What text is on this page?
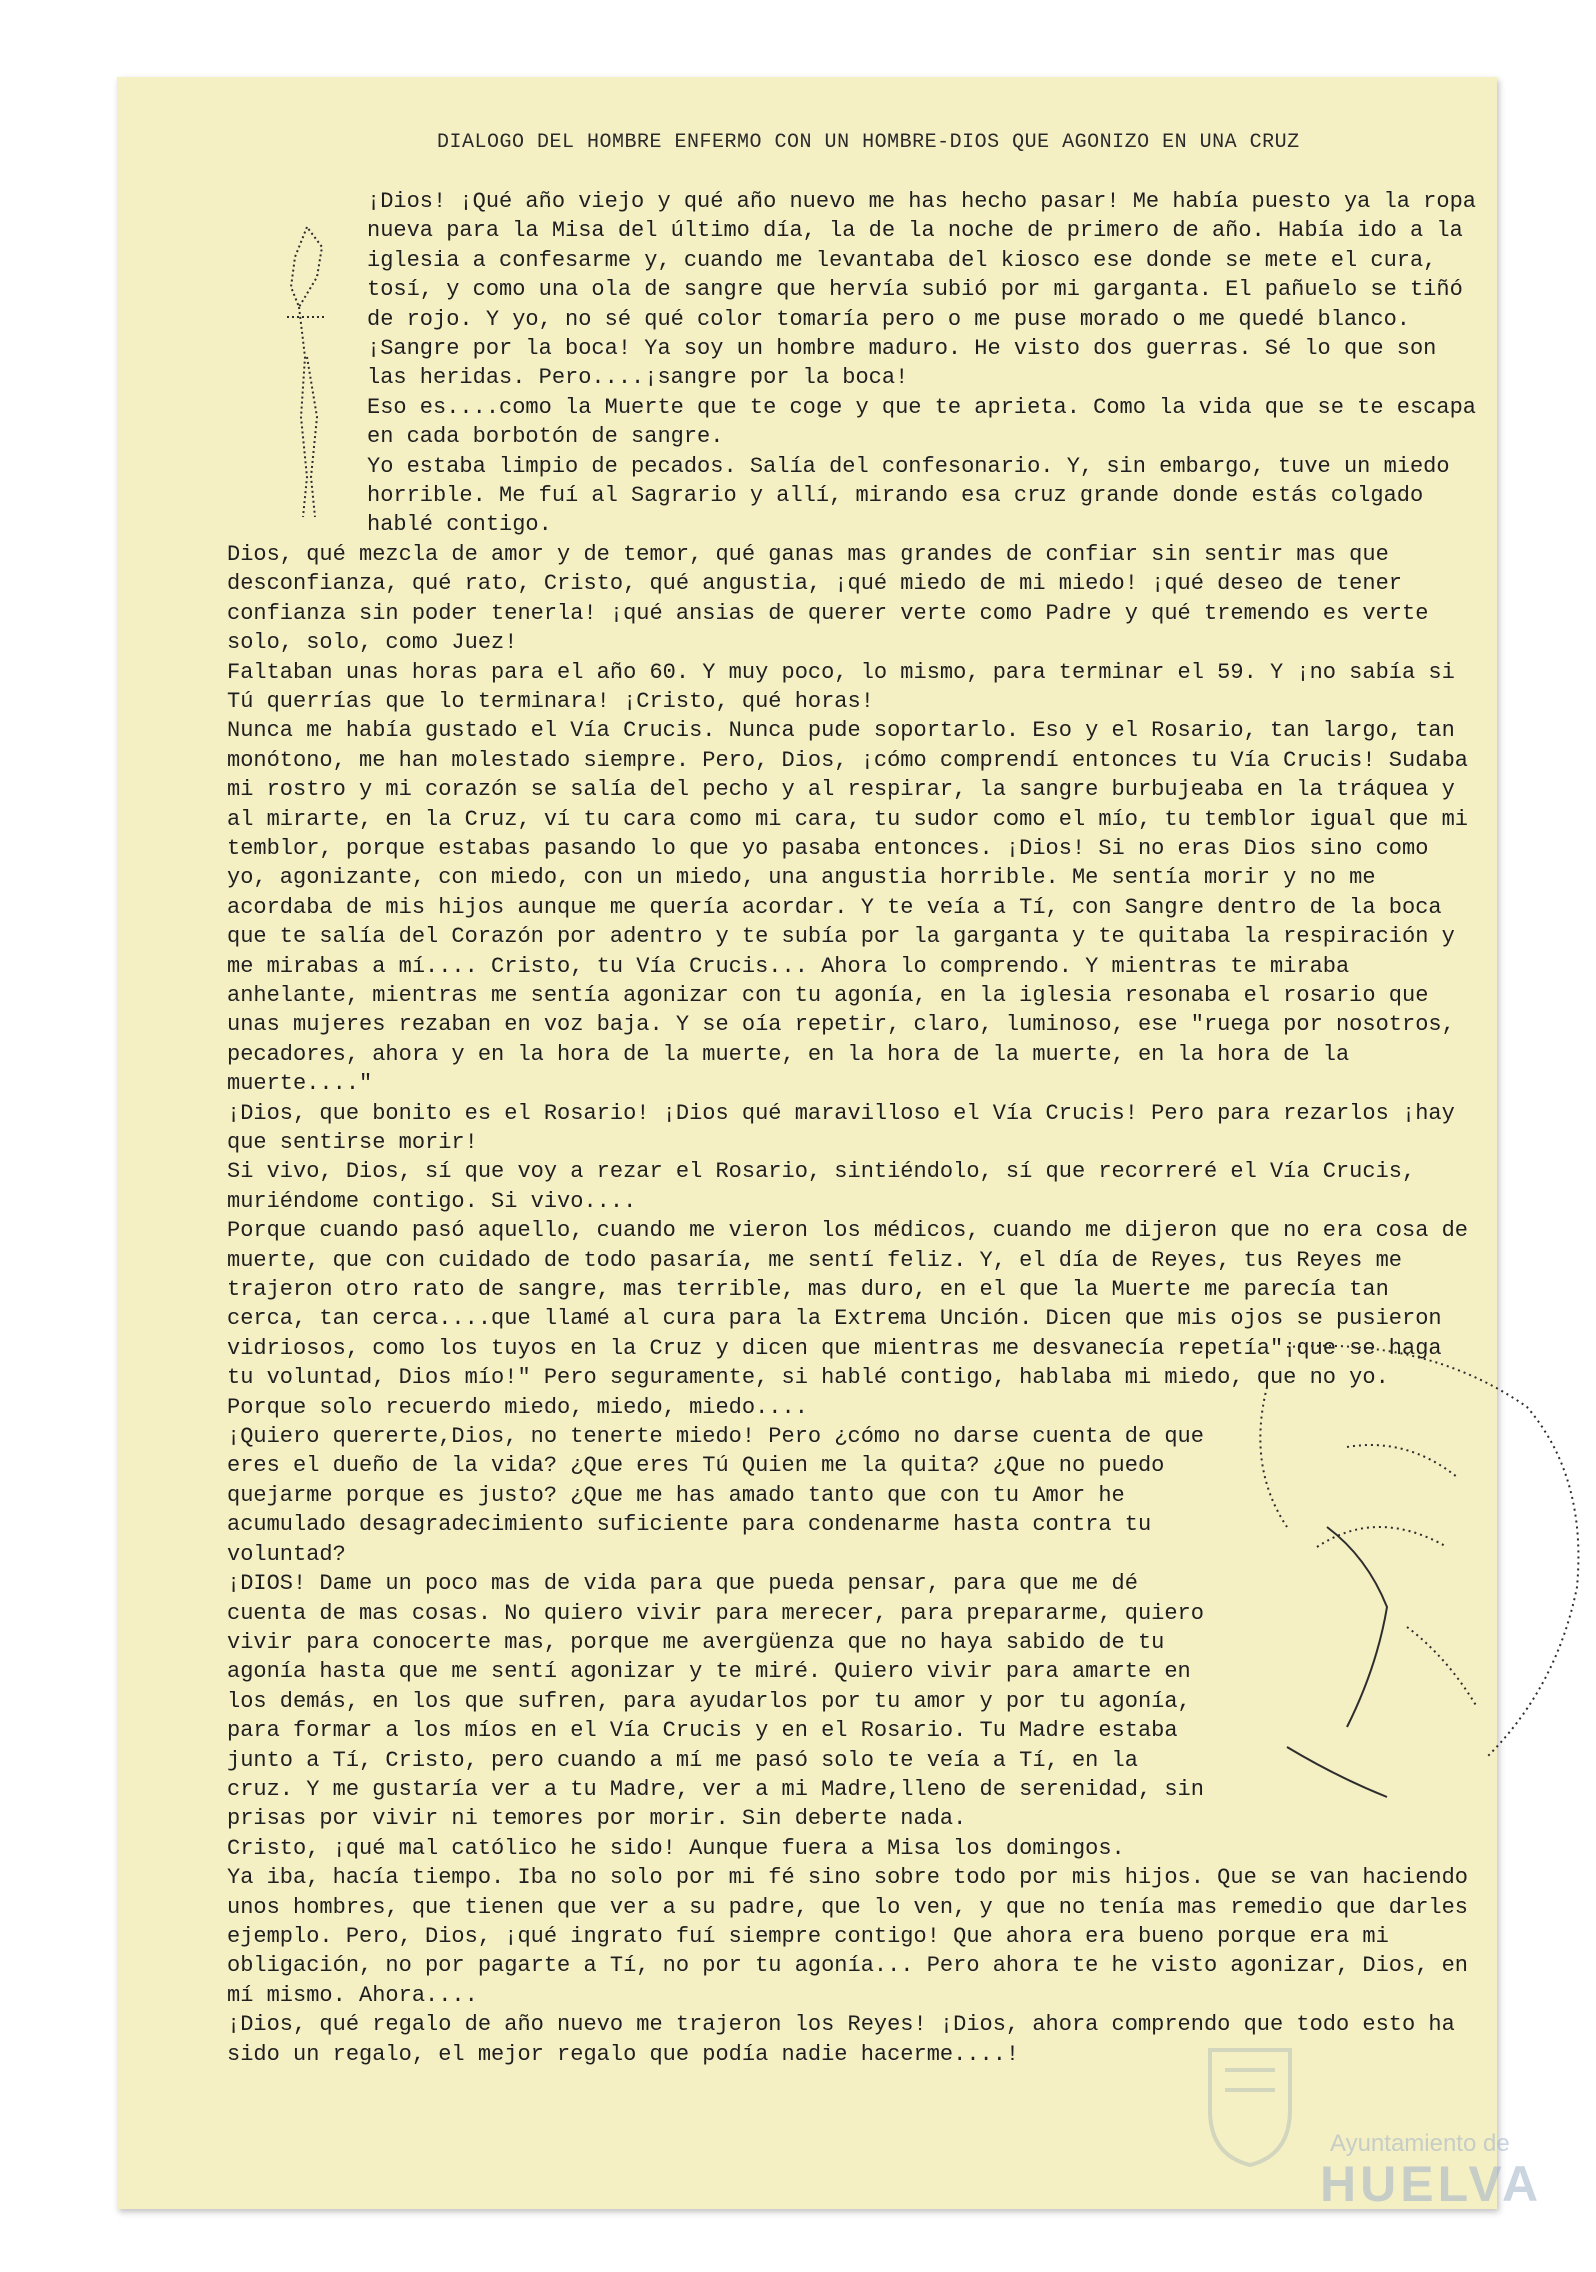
DIALOGO DEL HOMBRE ENFERMO CON UN HOMBRE-DIOS QUE AGONIZO EN UNA CRUZ

¡Dios! ¡Qué año viejo y qué año nuevo me has hecho pasar! Me había puesto ya la ropa nueva para la Misa del último día, la de la noche de primero de año. Había ido a la iglesia a confesarme y, cuando me levantaba del kiosco ese donde se mete el cura, tosí, y como una ola de sangre que hervía subió por mi garganta. El pañuelo se tiñó de rojo. Y yo, no sé qué color tomaría pero o me puse morado o me quedé blanco. ¡Sangre por la boca! Ya soy un hombre maduro. He visto dos guerras. Sé lo que son las heridas. Pero....¡sangre por la boca!

Eso es....como la Muerte que te coge y que te aprieta. Como la vida que se te escapa en cada borbotón de sangre.

Yo estaba limpio de pecados. Salía del confesonario. Y, sin embargo, tuve un miedo horrible. Me fuí al Sagrario y allí, mirando esa cruz grande donde estás colgado hablé contigo.

Dios, qué mezcla de amor y de temor, qué ganas mas grandes de confiar sin sentir mas que desconfianza, qué rato, Cristo, qué angustia, ¡qué miedo de mi miedo! ¡qué deseo de tener confianza sin poder tenerla! ¡qué ansias de querer verte como Padre y qué tremendo es verte solo, solo, como Juez!

Faltaban unas horas para el año 60. Y muy poco, lo mismo, para terminar el 59. Y ¡no sabía si Tú querrías que lo terminara! ¡Cristo, qué horas!

Nunca me había gustado el Vía Crucis. Nunca pude soportarlo. Eso y el Rosario, tan largo, tan monótono, me han molestado siempre. Pero, Dios, ¡cómo comprendí entonces tu Vía Crucis! Sudaba mi rostro y mi corazón se salía del pecho y al respirar, la sangre burbujeaba en la tráquea y al mirarte, en la Cruz, ví tu cara como mi cara, tu sudor como el mío, tu temblor igual que mi temblor, porque estabas pasando lo que yo pasaba entonces. ¡Dios! Si no eras Dios sino como yo, agonizante, con miedo, con un miedo, una angustia horrible. Me sentía morir y no me acordaba de mis hijos aunque me quería acordar. Y te veía a Tí, con Sangre dentro de la boca que te salía del Corazón por adentro y te subía por la garganta y te quitaba la respiración y me mirabas a mí.... Cristo, tu Vía Crucis... Ahora lo comprendo. Y mientras te miraba anhelante, mientras me sentía agonizar con tu agonía, en la iglesia resonaba el rosario que unas mujeres rezaban en voz baja. Y se oía repetir, claro, luminoso, ese "ruega por nosotros, pecadores, ahora y en la hora de la muerte, en la hora de la muerte, en la hora de la muerte...."

¡Dios, que bonito es el Rosario! ¡Dios qué maravilloso el Vía Crucis! Pero para rezarlos ¡hay que sentirse morir!

Si vivo, Dios, sí que voy a rezar el Rosario, sintiéndolo, sí que recorreré el Vía Crucis, muriéndome contigo. Si vivo....

Porque cuando pasó aquello, cuando me vieron los médicos, cuando me dijeron que no era cosa de muerte, que con cuidado de todo pasaría, me sentí feliz. Y, el día de Reyes, tus Reyes me trajeron otro rato de sangre, mas terrible, mas duro, en el que la Muerte me parecía tan cerca, tan cerca....que llamé al cura para la Extrema Unción. Dicen que mis ojos se pusieron vidriosos, como los tuyos en la Cruz y dicen que mientras me desvanecía repetía"¡que se haga tu voluntad, Dios mío!" Pero seguramente, si hablé contigo, hablaba mi miedo, que no yo. Porque solo recuerdo miedo, miedo, miedo....

¡Quiero quererte,Dios, no tenerte miedo! Pero ¿cómo no darse cuenta de que eres el dueño de la vida? ¿Que eres Tú Quien me la quita? ¿Que no puedo quejarme porque es justo? ¿Que me has amado tanto que con tu Amor he acumulado desagradecimiento suficiente para condenarme hasta contra tu voluntad?

¡DIOS! Dame un poco mas de vida para que pueda pensar, para que me dé cuenta de mas cosas. No quiero vivir para merecer, para prepararme, quiero vivir para conocerte mas, porque me avergüenza que no haya sabido de tu agonía hasta que me sentí agonizar y te miré. Quiero vivir para amarte en los demás, en los que sufren, para ayudarlos por tu amor y por tu agonía, para formar a los míos en el Vía Crucis y en el Rosario. Tu Madre estaba junto a Tí, Cristo, pero cuando a mí me pasó solo te veía a Tí, en la cruz. Y me gustaría ver a tu Madre, ver a mi Madre,lleno de serenidad, sin prisas por vivir ni temores por morir. Sin deberte nada.

Cristo, ¡qué mal católico he sido! Aunque fuera a Misa los domingos.

Ya iba, hacía tiempo. Iba no solo por mi fé sino sobre todo por mis hijos. Que se van haciendo unos hombres, que tienen que ver a su padre, que lo ven, y que no tenía mas remedio que darles ejemplo. Pero, Dios, ¡qué ingrato fuí siempre contigo! Que ahora era bueno porque era mi obligación, no por pagarte a Tí, no por tu agonía... Pero ahora te he visto agonizar, Dios, en mí mismo. Ahora....

¡Dios, qué regalo de año nuevo me trajeron los Reyes! ¡Dios, ahora comprendo que todo esto ha sido un regalo, el mejor regalo que podía nadie hacerme....!

Ayuntamiento de
HUELVA
